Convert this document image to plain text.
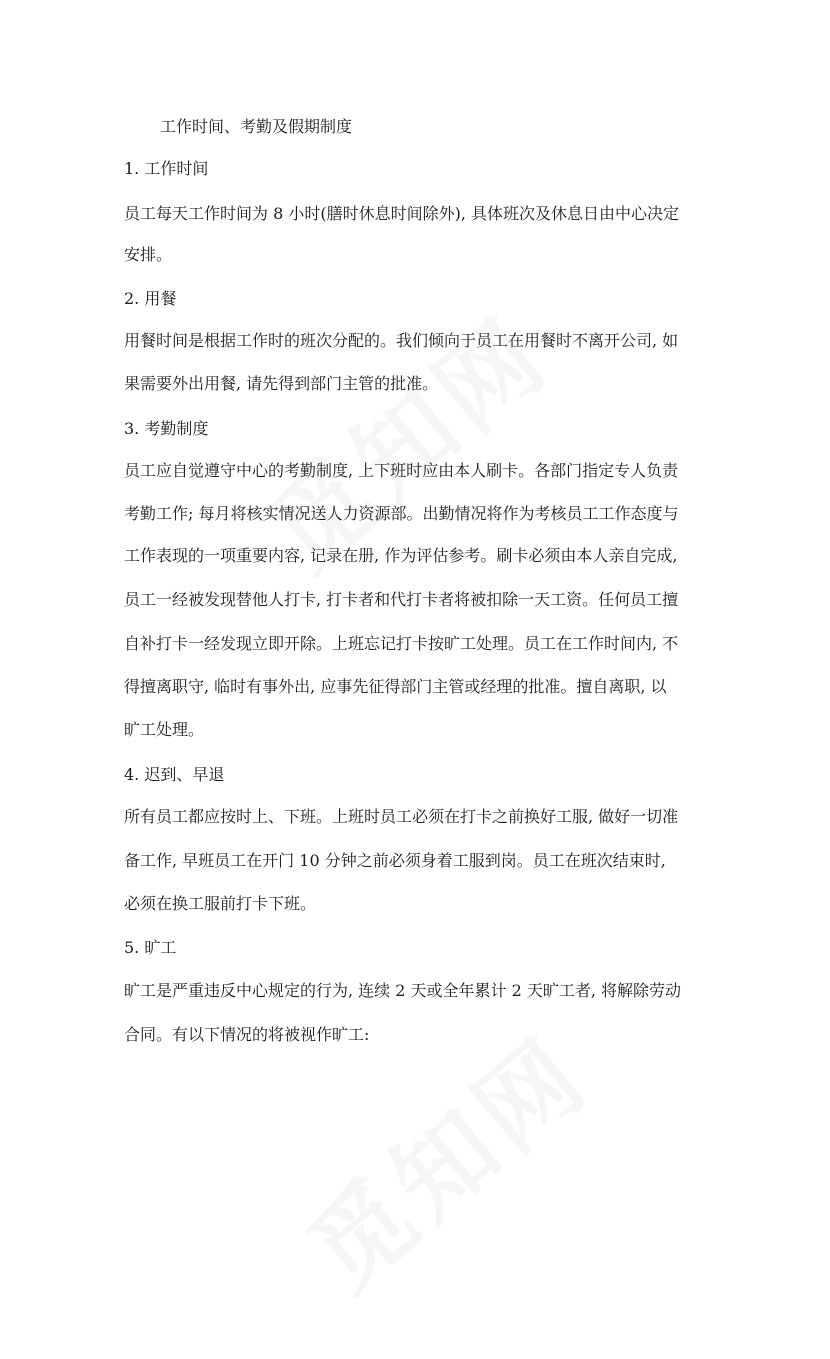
工作时间、考勤及假期制度

1. 工作时间

员工每天工作时间为 8 小时(膳时休息时间除外), 具体班次及休息日由中心决定

安排。

2. 用餐

用餐时间是根据工作时的班次分配的。我们倾向于员工在用餐时不离开公司, 如

果需要外出用餐, 请先得到部门主管的批准。

3. 考勤制度

员工应自觉遵守中心的考勤制度, 上下班时应由本人刷卡。各部门指定专人负责

考勤工作; 每月将核实情况送人力资源部。出勤情况将作为考核员工工作态度与

工作表现的一项重要内容, 记录在册, 作为评估参考。刷卡必须由本人亲自完成,

员工一经被发现替他人打卡, 打卡者和代打卡者将被扣除一天工资。任何员工擅

自补打卡一经发现立即开除。上班忘记打卡按旷工处理。员工在工作时间内, 不

得擅离职守, 临时有事外出, 应事先征得部门主管或经理的批准。擅自离职, 以

旷工处理。

4. 迟到、早退

所有员工都应按时上、下班。上班时员工必须在打卡之前换好工服, 做好一切准

备工作, 早班员工在开门 10 分钟之前必须身着工服到岗。员工在班次结束时,

必须在换工服前打卡下班。

5. 旷工

旷工是严重违反中心规定的行为, 连续 2 天或全年累计 2 天旷工者, 将解除劳动

合同。有以下情况的将被视作旷工:
